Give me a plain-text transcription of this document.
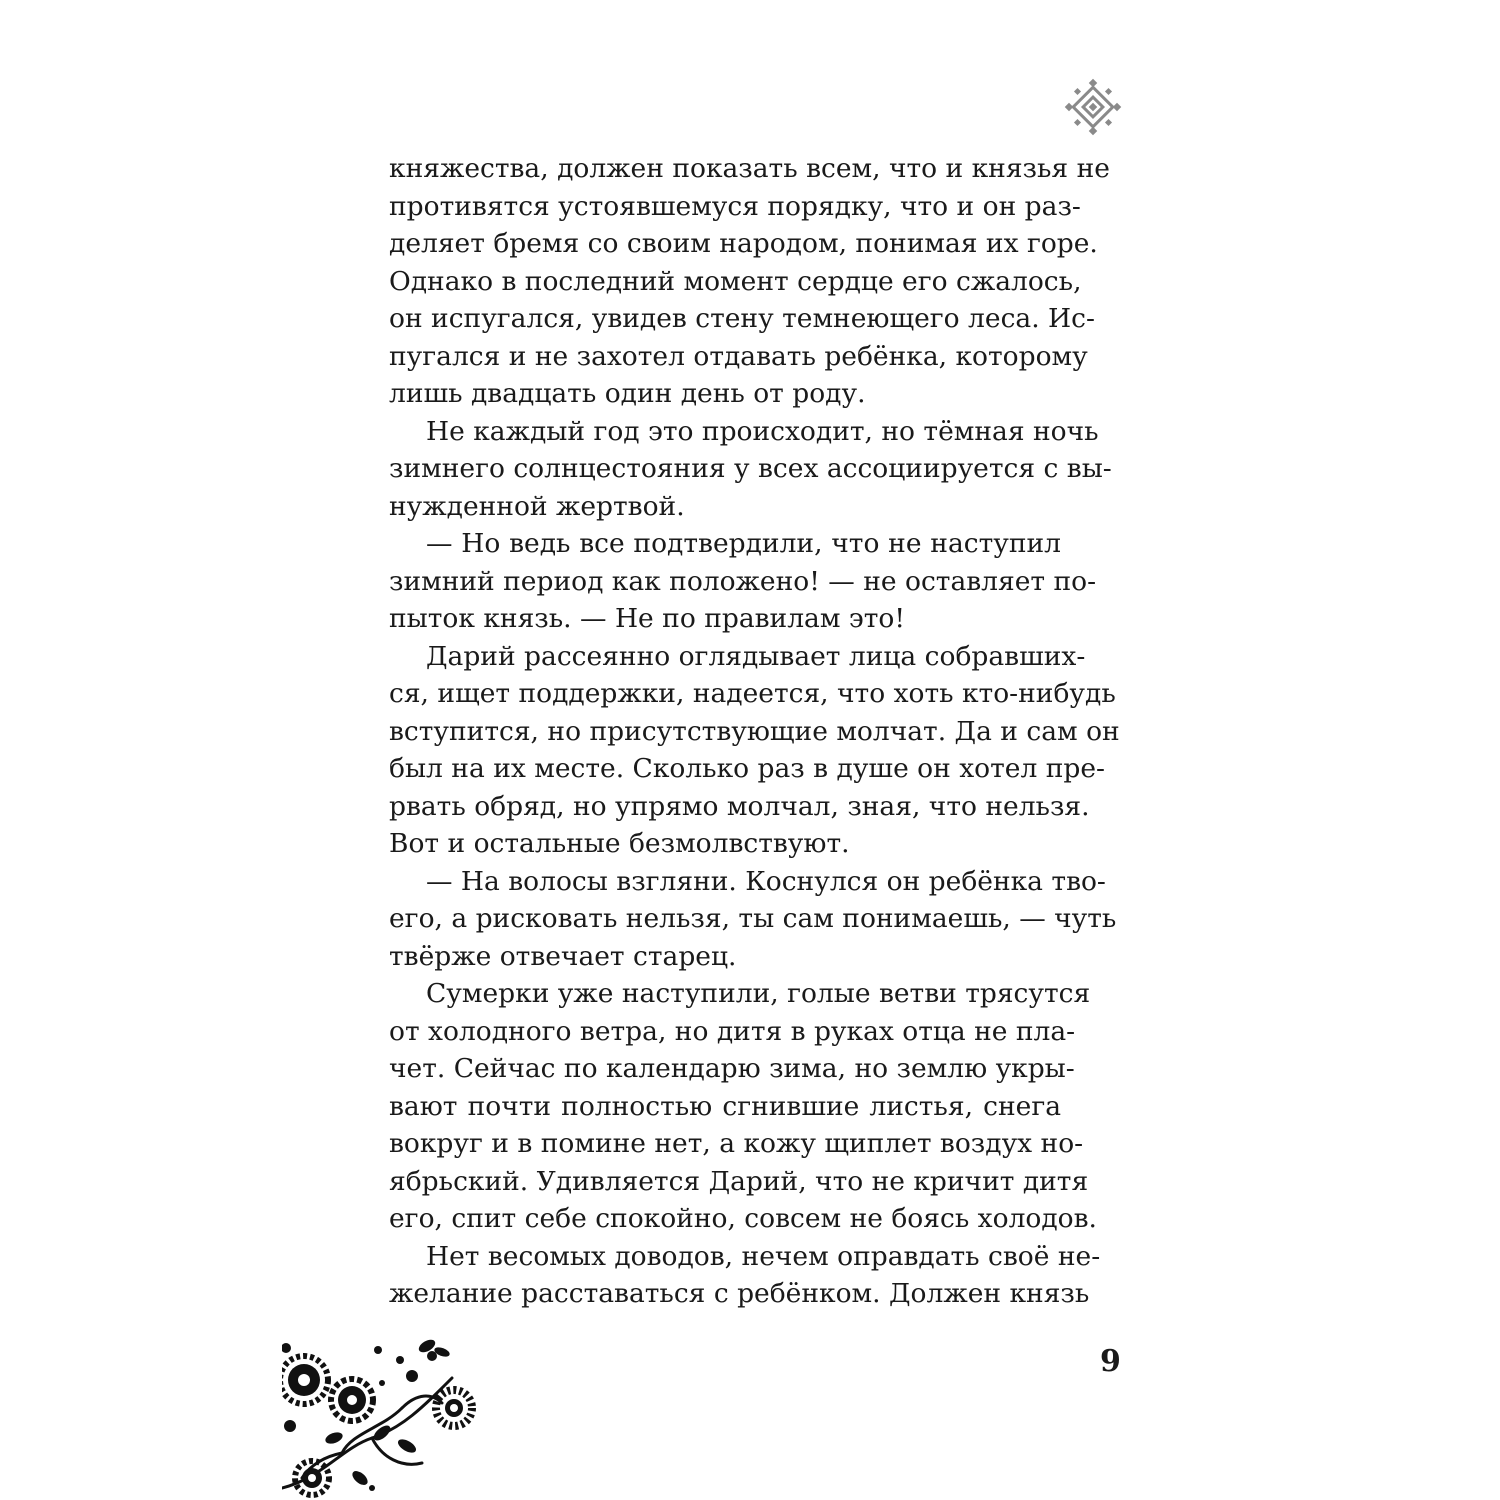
княжества, должен показать всем, что и князья не
противятся устоявшемуся порядку, что и он раз-
деляет бремя со своим народом, понимая их горе.
Однако в последний момент сердце его сжалось,
он испугался, увидев стену темнеющего леса. Ис-
пугался и не захотел отдавать ребёнка, которому
лишь двадцать один день от роду.
Не каждый год это происходит, но тёмная ночь
зимнего солнцестояния у всех ассоциируется с вы-
нужденной жертвой.
— Но ведь все подтвердили, что не наступил
зимний период как положено! — не оставляет по-
пыток князь. — Не по правилам это!
Дарий рассеянно оглядывает лица собравших-
ся, ищет поддержки, надеется, что хоть кто-нибудь
вступится, но присутствующие молчат. Да и сам он
был на их месте. Сколько раз в душе он хотел пре-
рвать обряд, но упрямо молчал, зная, что нельзя.
Вот и остальные безмолвствуют.
— На волосы взгляни. Коснулся он ребёнка тво-
его, а рисковать нельзя, ты сам понимаешь, — чуть
твёрже отвечает старец.
Сумерки уже наступили, голые ветви трясутся
от холодного ветра, но дитя в руках отца не пла-
чет. Сейчас по календарю зима, но землю укры-
вают почти полностью сгнившие листья, снега
вокруг и в помине нет, а кожу щиплет воздух но-
ябрьский. Удивляется Дарий, что не кричит дитя
его, спит себе спокойно, совсем не боясь холодов.
Нет весомых доводов, нечем оправдать своё не-
желание расставаться с ребёнком. Должен князь
9
